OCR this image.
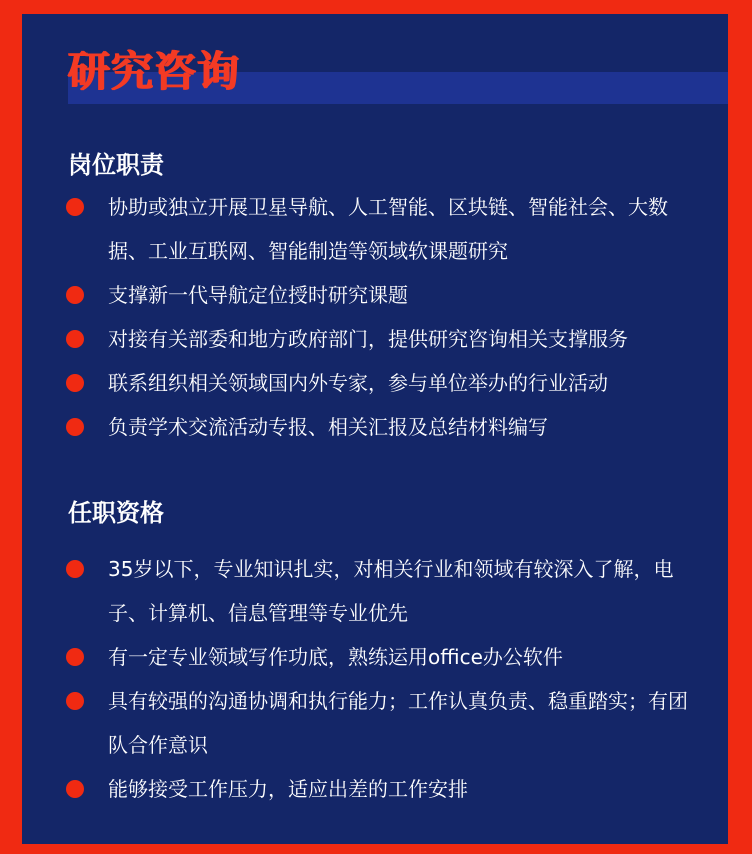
研究咨询
岗位职责
协助或独立开展卫星导航、人工智能、区块链、智能社会、大数据、工业互联网、智能制造等领域软课题研究
支撑新一代导航定位授时研究课题
对接有关部委和地方政府部门，提供研究咨询相关支撑服务
联系组织相关领域国内外专家，参与单位举办的行业活动
负责学术交流活动专报、相关汇报及总结材料编写
任职资格
35岁以下，专业知识扎实，对相关行业和领域有较深入了解，电子、计算机、信息管理等专业优先
有一定专业领域写作功底，熟练运用office办公软件
具有较强的沟通协调和执行能力；工作认真负责、稳重踏实；有团队合作意识
能够接受工作压力，适应出差的工作安排
